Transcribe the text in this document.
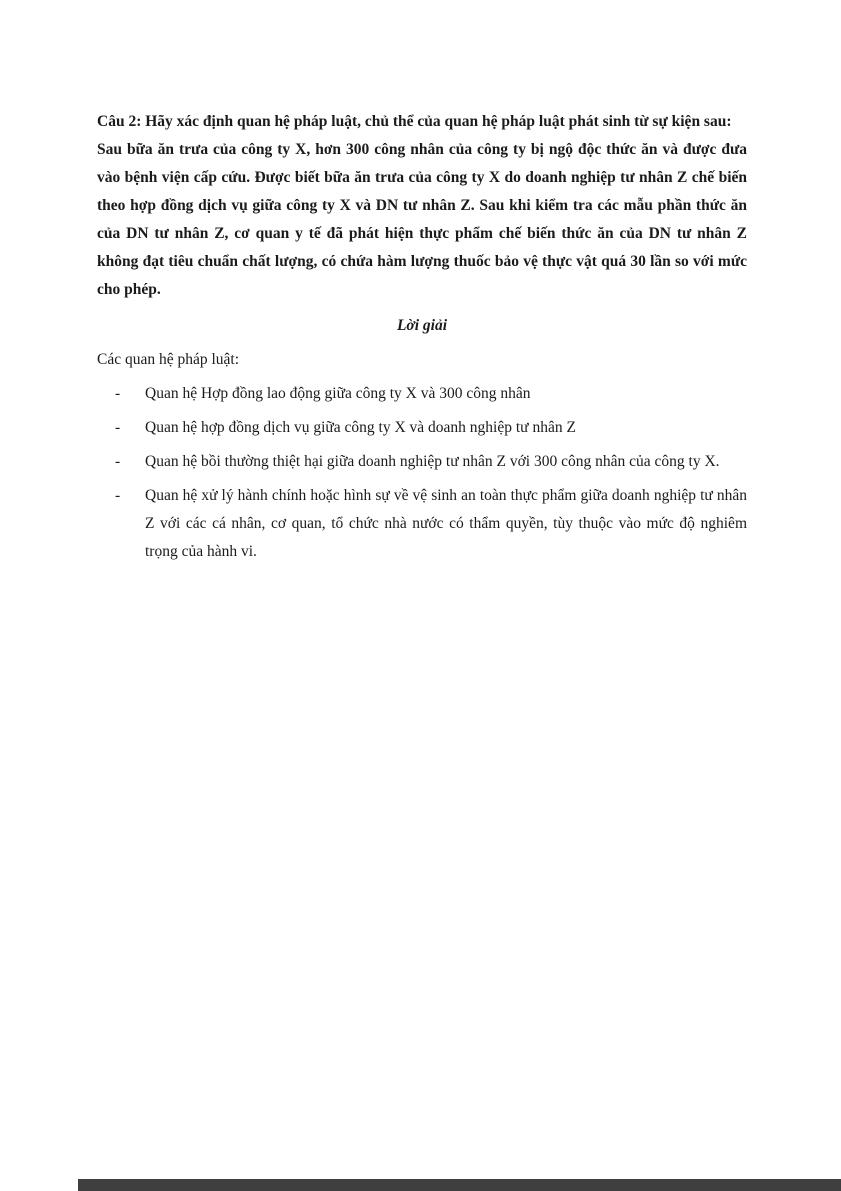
Câu 2: Hãy xác định quan hệ pháp luật, chủ thể của quan hệ pháp luật phát sinh từ sự kiện sau:

Sau bữa ăn trưa của công ty X, hơn 300 công nhân của công ty bị ngộ độc thức ăn và được đưa vào bệnh viện cấp cứu. Được biết bữa ăn trưa của công ty X do doanh nghiệp tư nhân Z chế biến theo hợp đồng dịch vụ giữa công ty X và DN tư nhân Z. Sau khi kiểm tra các mẫu phần thức ăn của DN tư nhân Z, cơ quan y tế đã phát hiện thực phẩm chế biến thức ăn của DN tư nhân Z không đạt tiêu chuẩn chất lượng, có chứa hàm lượng thuốc bảo vệ thực vật quá 30 lần so với mức cho phép.

Lời giải

Các quan hệ pháp luật:

-	Quan hệ Hợp đồng lao động giữa công ty X và 300 công nhân
-	Quan hệ hợp đồng dịch vụ giữa công ty X và doanh nghiệp tư nhân Z
-	Quan hệ bồi thường thiệt hại giữa doanh nghiệp tư nhân Z với 300 công nhân của công ty X.
-	Quan hệ xử lý hành chính hoặc hình sự về vệ sinh an toàn thực phẩm giữa doanh nghiệp tư nhân Z với các cá nhân, cơ quan, tổ chức nhà nước có thẩm quyền, tùy thuộc vào mức độ nghiêm trọng của hành vi.
